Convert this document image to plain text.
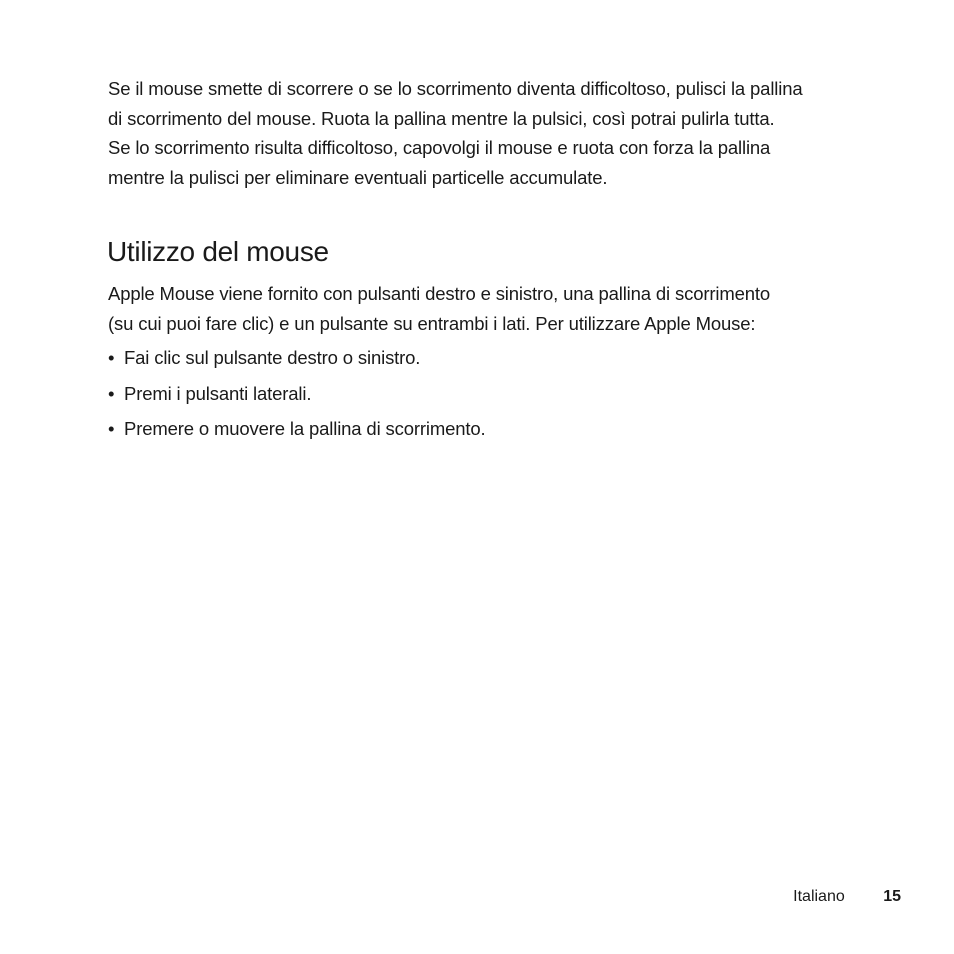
Se il mouse smette di scorrere o se lo scorrimento diventa difficoltoso, pulisci la pallina
di scorrimento del mouse. Ruota la pallina mentre la pulsici, così potrai pulirla tutta.
Se lo scorrimento risulta difficoltoso, capovolgi il mouse e ruota con forza la pallina
mentre la pulisci per eliminare eventuali particelle accumulate.

Utilizzo del mouse

Apple Mouse viene fornito con pulsanti destro e sinistro, una pallina di scorrimento
(su cui puoi fare clic) e un pulsante su entrambi i lati. Per utilizzare Apple Mouse:

• Fai clic sul pulsante destro o sinistro.
• Premi i pulsanti laterali.
• Premere o muovere la pallina di scorrimento.
Italiano 15
